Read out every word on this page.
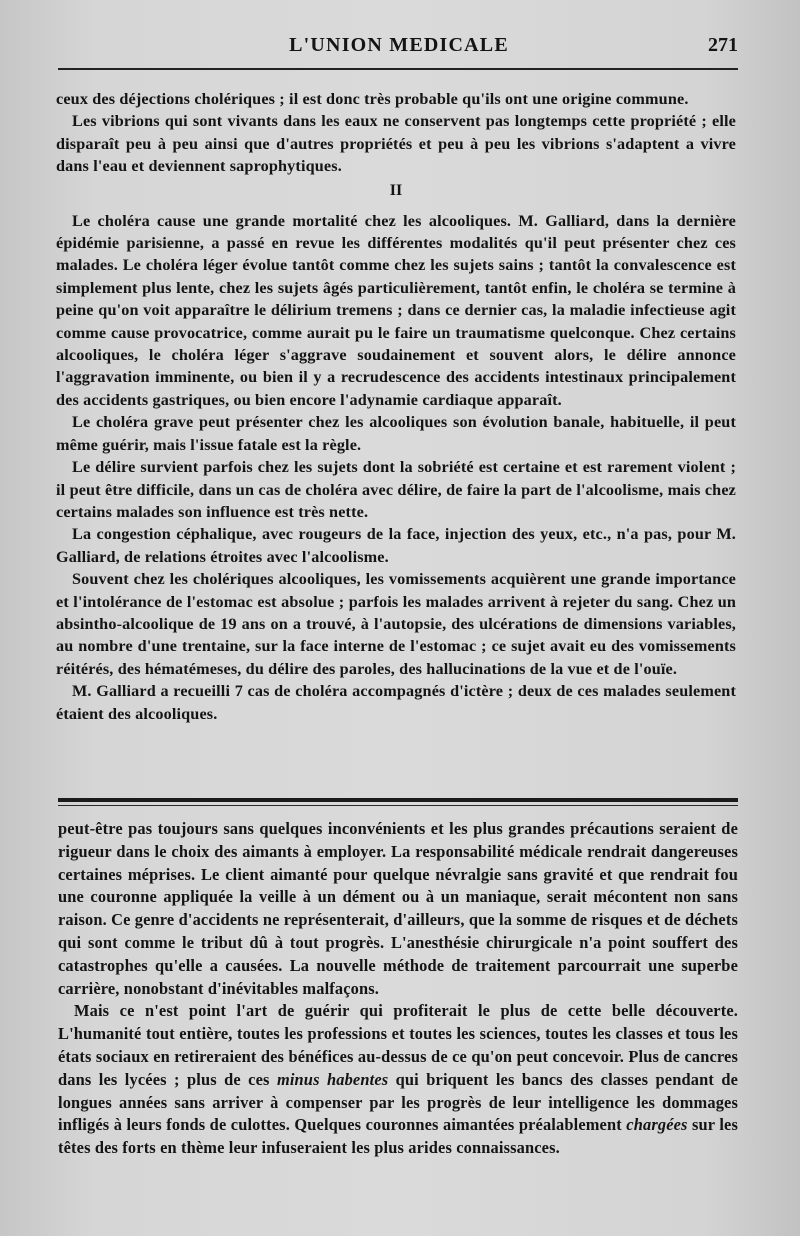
L'UNION MEDICALE	271

ceux des déjections cholériques ; il est donc très probable qu'ils ont une origine commune.

Les vibrions qui sont vivants dans les eaux ne conservent pas longtemps cette propriété ; elle disparaît peu à peu ainsi que d'autres propriétés et peu à peu les vibrions s'adaptent a vivre dans l'eau et deviennent saprophytiques.

II

Le choléra cause une grande mortalité chez les alcooliques. M. Galliard, dans la dernière épidémie parisienne, a passé en revue les différentes modalités qu'il peut présenter chez ces malades. Le choléra léger évolue tantôt comme chez les sujets sains ; tantôt la convalescence est simplement plus lente, chez les sujets âgés particulièrement, tantôt enfin, le choléra se termine à peine qu'on voit apparaître le délirium tremens ; dans ce dernier cas, la maladie infectieuse agit comme cause provocatrice, comme aurait pu le faire un traumatisme quelconque. Chez certains alcooliques, le choléra léger s'aggrave soudainement et souvent alors, le délire annonce l'aggravation imminente, ou bien il y a recrudescence des accidents intestinaux principalement des accidents gastriques, ou bien encore l'adynamie cardiaque apparaît.

Le choléra grave peut présenter chez les alcooliques son évolution banale, habituelle, il peut même guérir, mais l'issue fatale est la règle.

Le délire survient parfois chez les sujets dont la sobriété est certaine et est rarement violent ; il peut être difficile, dans un cas de choléra avec délire, de faire la part de l'alcoolisme, mais chez certains malades son influence est très nette.

La congestion céphalique, avec rougeurs de la face, injection des yeux, etc., n'a pas, pour M. Galliard, de relations étroites avec l'alcoolisme.

Souvent chez les cholériques alcooliques, les vomissements acquièrent une grande importance et l'intolérance de l'estomac est absolue ; parfois les malades arrivent à rejeter du sang. Chez un absintho-alcoolique de 19 ans on a trouvé, à l'autopsie, des ulcérations de dimensions variables, au nombre d'une trentaine, sur la face interne de l'estomac ; ce sujet avait eu des vomissements réitérés, des hématémeses, du délire des paroles, des hallucinations de la vue et de l'ouïe.

M. Galliard a recueilli 7 cas de choléra accompagnés d'ictère ; deux de ces malades seulement étaient des alcooliques.

peut-être pas toujours sans quelques inconvénients et les plus grandes précautions seraient de rigueur dans le choix des aimants à employer. La responsabilité médicale rendrait dangereuses certaines méprises. Le client aimanté pour quelque névralgie sans gravité et que rendrait fou une couronne appliquée la veille à un dément ou à un maniaque, serait mécontent non sans raison. Ce genre d'accidents ne représenterait, d'ailleurs, que la somme de risques et de déchets qui sont comme le tribut dû à tout progrès. L'anesthésie chirurgicale n'a point souffert des catastrophes qu'elle a causées. La nouvelle méthode de traitement parcourrait une superbe carrière, nonobstant d'inévitables malfaçons.

Mais ce n'est point l'art de guérir qui profiterait le plus de cette belle découverte. L'humanité tout entière, toutes les professions et toutes les sciences, toutes les classes et tous les états sociaux en retireraient des bénéfices au-dessus de ce qu'on peut concevoir. Plus de cancres dans les lycées ; plus de ces minus habentes qui briquent les bancs des classes pendant de longues années sans arriver à compenser par les progrès de leur intelligence les dommages infligés à leurs fonds de culottes. Quelques couronnes aimantées préalablement chargées sur les têtes des forts en thème leur infuseraient les plus arides connaissances.
